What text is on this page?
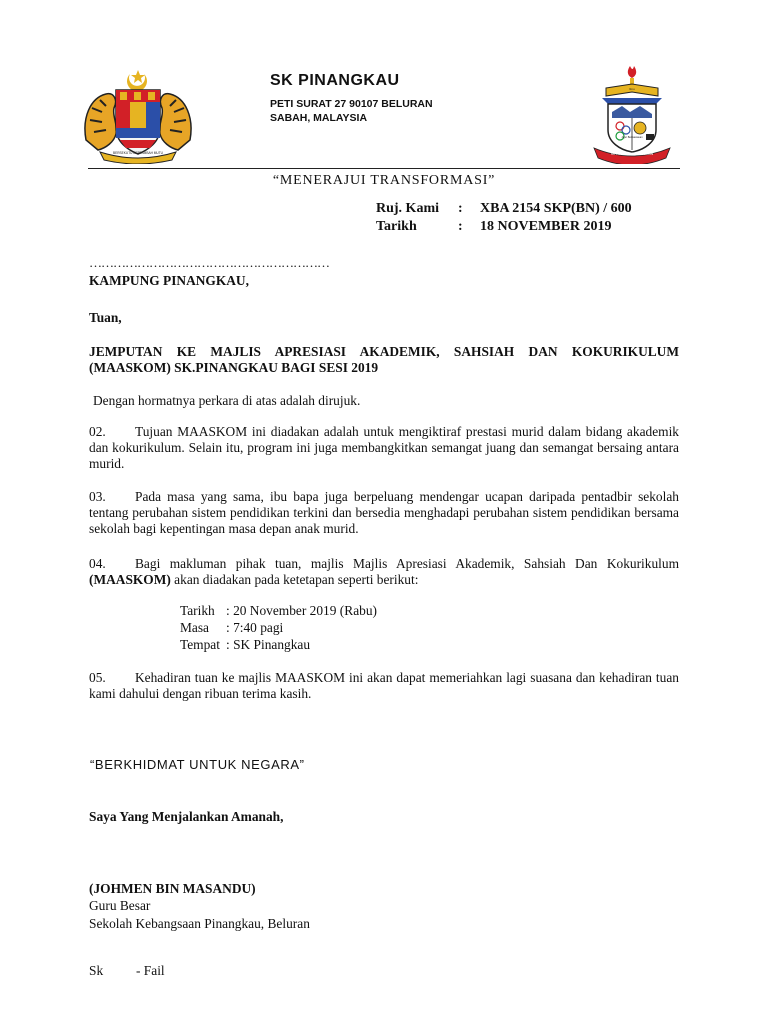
BERSEKUTU BERTAMBAH MUTU
SK PINANGKAU
PETI SURAT 27 90107 BELURAN
SABAH, MALAYSIA
SK PINANGKAU BELURAN
Ilmu
Jujur Berwawasan
“MENERAJUI TRANSFORMASI”
Ruj. Kami : XBA 2154 SKP(BN) / 600
Tarikh	: 18 NOVEMBER 2019
……………………………………………………
KAMPUNG PINANGKAU,
Tuan,
JEMPUTAN KE MAJLIS APRESIASI AKADEMIK, SAHSIAH DAN KOKURIKULUM (MAASKOM) SK.PINANGKAU BAGI SESI 2019
Dengan hormatnya perkara di atas adalah dirujuk.
02. Tujuan MAASKOM ini diadakan adalah untuk mengiktiraf prestasi murid dalam bidang akademik dan kokurikulum. Selain itu, program ini juga membangkitkan semangat juang dan semangat bersaing antara murid.
03. Pada masa yang sama, ibu bapa juga berpeluang mendengar ucapan daripada pentadbir sekolah tentang perubahan sistem pendidikan terkini dan bersedia menghadapi perubahan sistem pendidikan bersama sekolah bagi kepentingan masa depan anak murid.
04. Bagi makluman pihak tuan, majlis Majlis Apresiasi Akademik, Sahsiah Dan Kokurikulum (MAASKOM) akan diadakan pada ketetapan seperti berikut:
Tarikh : 20 November 2019 (Rabu)
Masa : 7:40 pagi
Tempat : SK Pinangkau
05. Kehadiran tuan ke majlis MAASKOM ini akan dapat memeriahkan lagi suasana dan kehadiran tuan kami dahului dengan ribuan terima kasih.
“BERKHIDMAT UNTUK NEGARA”
Saya Yang Menjalankan Amanah,
(JOHMEN BIN MASANDU)
Guru Besar
Sekolah Kebangsaan Pinangkau, Beluran
Sk - Fail
